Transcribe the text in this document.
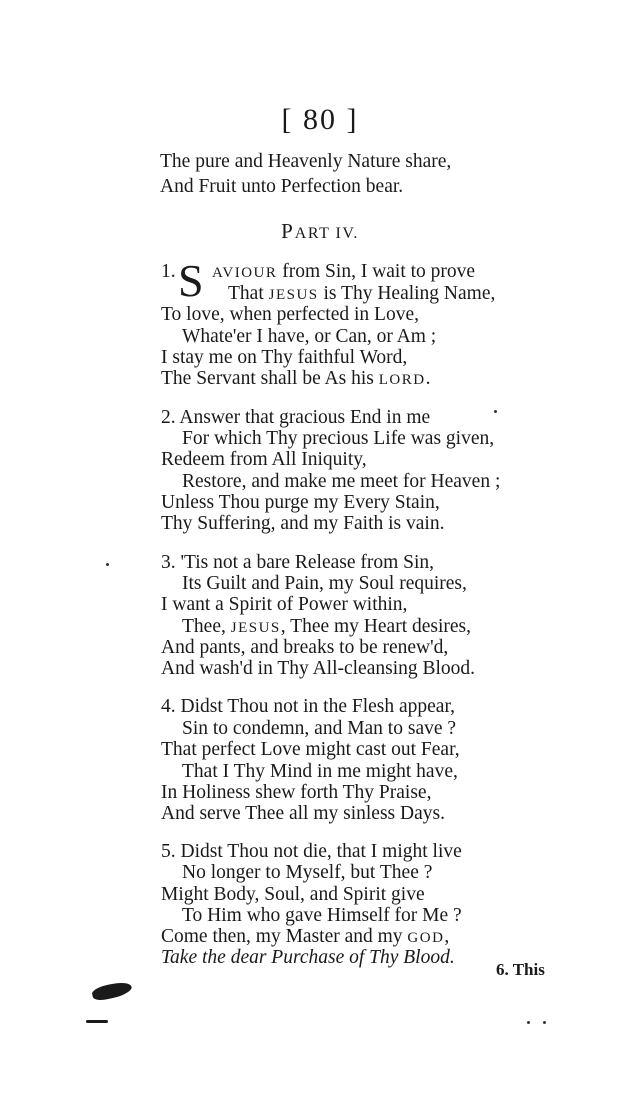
[ 80 ]
The pure and Heavenly Nature share,
And Fruit unto Perfection bear.
PART IV.
1. S AVIOUR from Sin, I wait to prove
That JESUS is Thy Healing Name,
To love, when perfected in Love,
Whate'er I have, or Can, or Am ;
I stay me on Thy faithful Word,
The Servant shall be As his LORD.
2. Answer that gracious End in me
For which Thy precious Life was given,
Redeem from All Iniquity,
Restore, and make me meet for Heaven ;
Unless Thou purge my Every Stain,
Thy Suffering, and my Faith is vain.
3. 'Tis not a bare Release from Sin,
Its Guilt and Pain, my Soul requires,
I want a Spirit of Power within,
Thee, JESUS, Thee my Heart desires,
And pants, and breaks to be renew'd,
And wash'd in Thy All-cleansing Blood.
4. Didst Thou not in the Flesh appear,
Sin to condemn, and Man to save ?
That perfect Love might cast out Fear,
That I Thy Mind in me might have,
In Holiness shew forth Thy Praise,
And serve Thee all my sinless Days.
5. Didst Thou not die, that I might live
No longer to Myself, but Thee ?
Might Body, Soul, and Spirit give
To Him who gave Himself for Me ?
Come then, my Master and my GOD,
Take the dear Purchase of Thy Blood.
6. This
